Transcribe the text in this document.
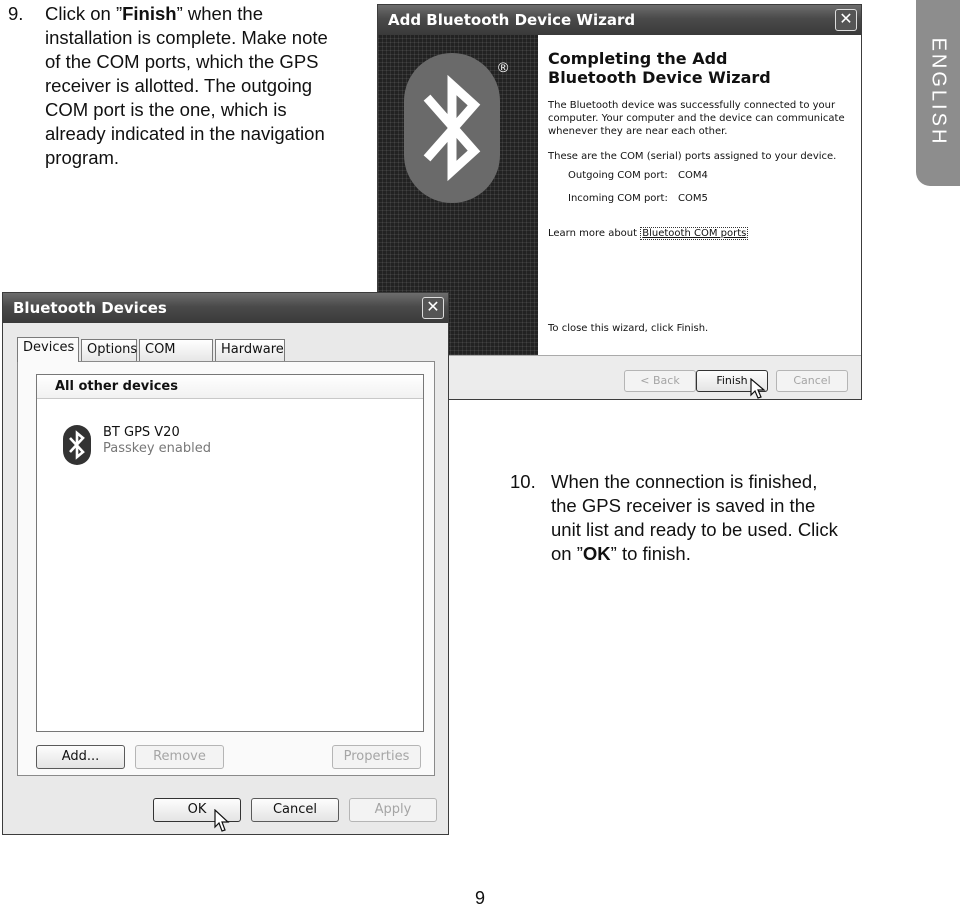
9. Click on ”Finish” when the installation is complete. Make note of the COM ports, which the GPS receiver is allotted. The outgoing COM port is the one, which is already indicated in the navigation program.
ENGLISH
Add Bluetooth Device Wizard	✕
® Completing the Add Bluetooth Device Wizard
The Bluetooth device was successfully connected to your computer. Your computer and the device can communicate whenever they are near each other.
These are the COM (serial) ports assigned to your device.
Outgoing COM port: COM4
Incoming COM port: COM5
Learn more about Bluetooth COM ports
To close this wizard, click Finish.
< Back	Finish	Cancel
Bluetooth Devices	✕
Devices Options COM	Hardware
All other devices
BT GPS V20
Passkey enabled
Add...	Remove	Properties
OK	Cancel	Apply
10. When the connection is finished, the GPS receiver is saved in the unit list and ready to be used. Click on ”OK” to finish.
9
